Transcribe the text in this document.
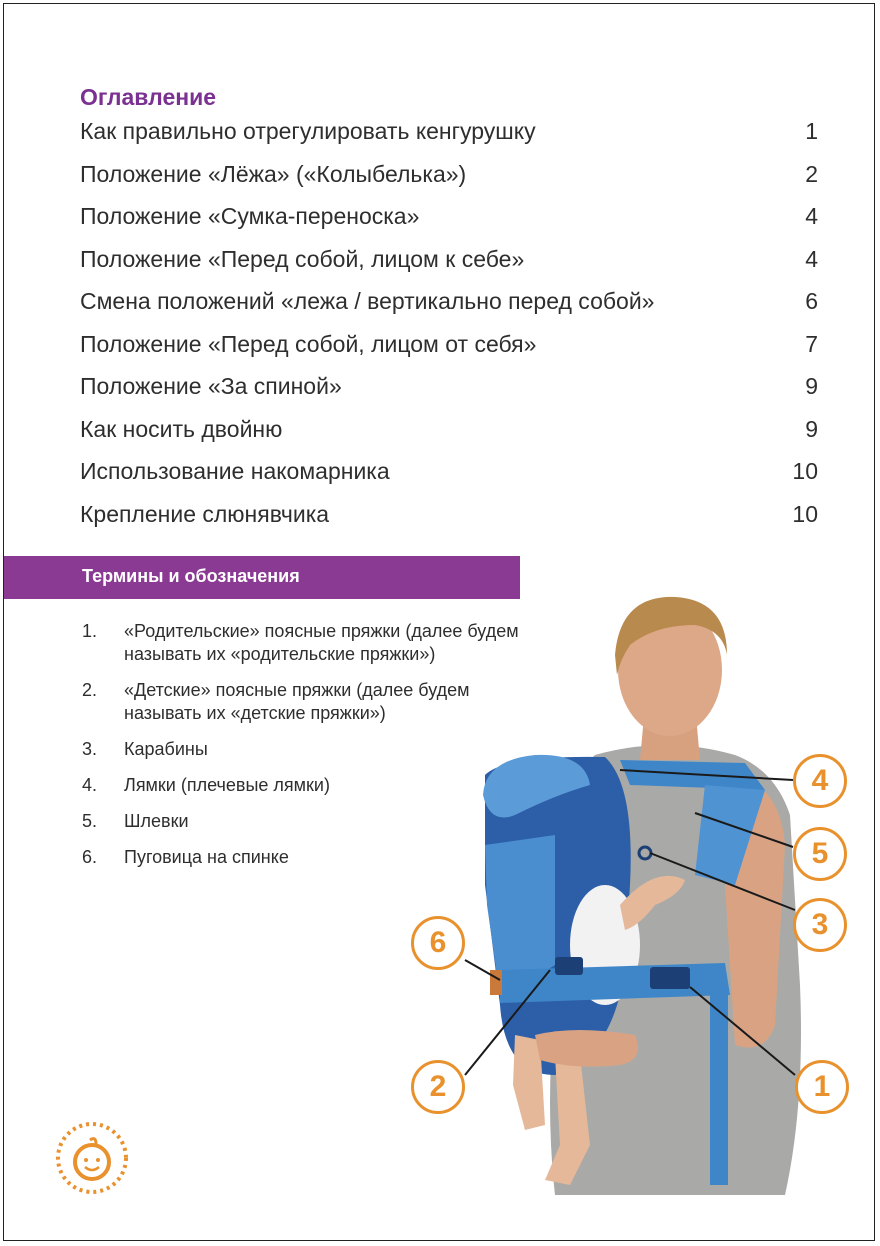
Оглавление
Как правильно отрегулировать кенгурушку	1
Положение «Лёжа» («Колыбелька»)	2
Положение «Сумка-переноска»	4
Положение «Перед собой, лицом к себе»	4
Смена положений «лежа / вертикально перед собой»	6
Положение «Перед собой, лицом от себя»	7
Положение «За спиной»	9
Как носить двойню	9
Использование накомарника	10
Крепление слюнявчика	10
Термины и обозначения
1.	«Родительские» поясные пряжки (далее будем называть их «родительские пряжки»)
2.	«Детские» поясные пряжки (далее будем называть их «детские пряжки»)
3.	Карабины
4.	Лямки (плечевые лямки)
5.	Шлевки
6.	Пуговица на спинке
4
5
3
6
2	1
